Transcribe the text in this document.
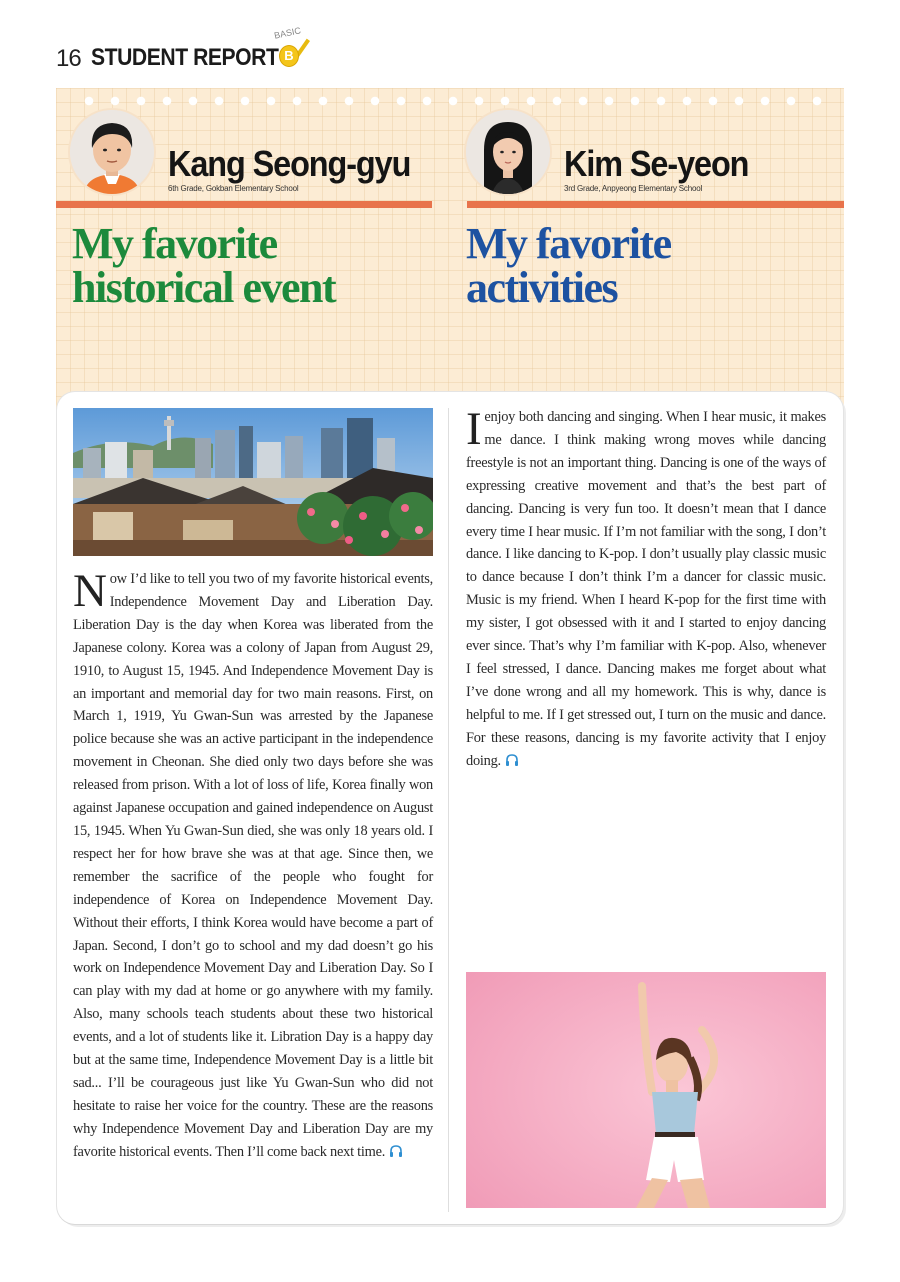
16 STUDENT REPORT
BASIC
B
Kang Seong-gyu
6th Grade, Gokban Elementary School
Kim Se-yeon
3rd Grade, Anpyeong Elementary School
My favorite
historical event
My favorite
activities

Now I’d like to tell you two of my favorite historical events, Independence Movement Day and Liberation Day. Liberation Day is the day when Korea was liberated from the Japanese colony. Korea was a colony of Japan from August 29, 1910, to August 15, 1945. And Independence Movement Day is an important and memorial day for two main reasons. First, on March 1, 1919, Yu Gwan-Sun was arrested by the Japanese police because she was an active participant in the independence movement in Cheonan. She died only two days before she was released from prison. With a lot of loss of life, Korea finally won against Japanese occupation and gained independence on August 15, 1945. When Yu Gwan-Sun died, she was only 18 years old. I respect her for how brave she was at that age. Since then, we remember the sacrifice of the people who fought for independence of Korea on Independence Movement Day. Without their efforts, I think Korea would have become a part of Japan. Second, I don’t go to school and my dad doesn’t go his work on Independence Movement Day and Liberation Day. So I can play with my dad at home or go anywhere with my family. Also, many schools teach students about these two historical events, and a lot of students like it. Libration Day is a happy day but at the same time, Independence Movement Day is a little bit sad... I’ll be courageous just like Yu Gwan-Sun who did not hesitate to raise her voice for the country. These are the reasons why Independence Movement Day and Liberation Day are my favorite historical events. Then I’ll come back next time.

Ienjoy both dancing and singing. When I hear music, it makes me dance. I think making wrong moves while dancing freestyle is not an important thing. Dancing is one of the ways of expressing creative movement and that’s the best part of dancing. Dancing is very fun too. It doesn’t mean that I dance every time I hear music. If I’m not familiar with the song, I don’t dance. I like dancing to K-pop. I don’t usually play classic music to dance because I don’t think I’m a dancer for classic music. Music is my friend. When I heard K-pop for the first time with my sister, I got obsessed with it and I started to enjoy dancing ever since. That’s why I’m familiar with K-pop. Also, whenever I feel stressed, I dance. Dancing makes me forget about what I’ve done wrong and all my homework. This is why, dance is helpful to me. If I get stressed out, I turn on the music and dance. For these reasons, dancing is my favorite activity that I enjoy doing.
